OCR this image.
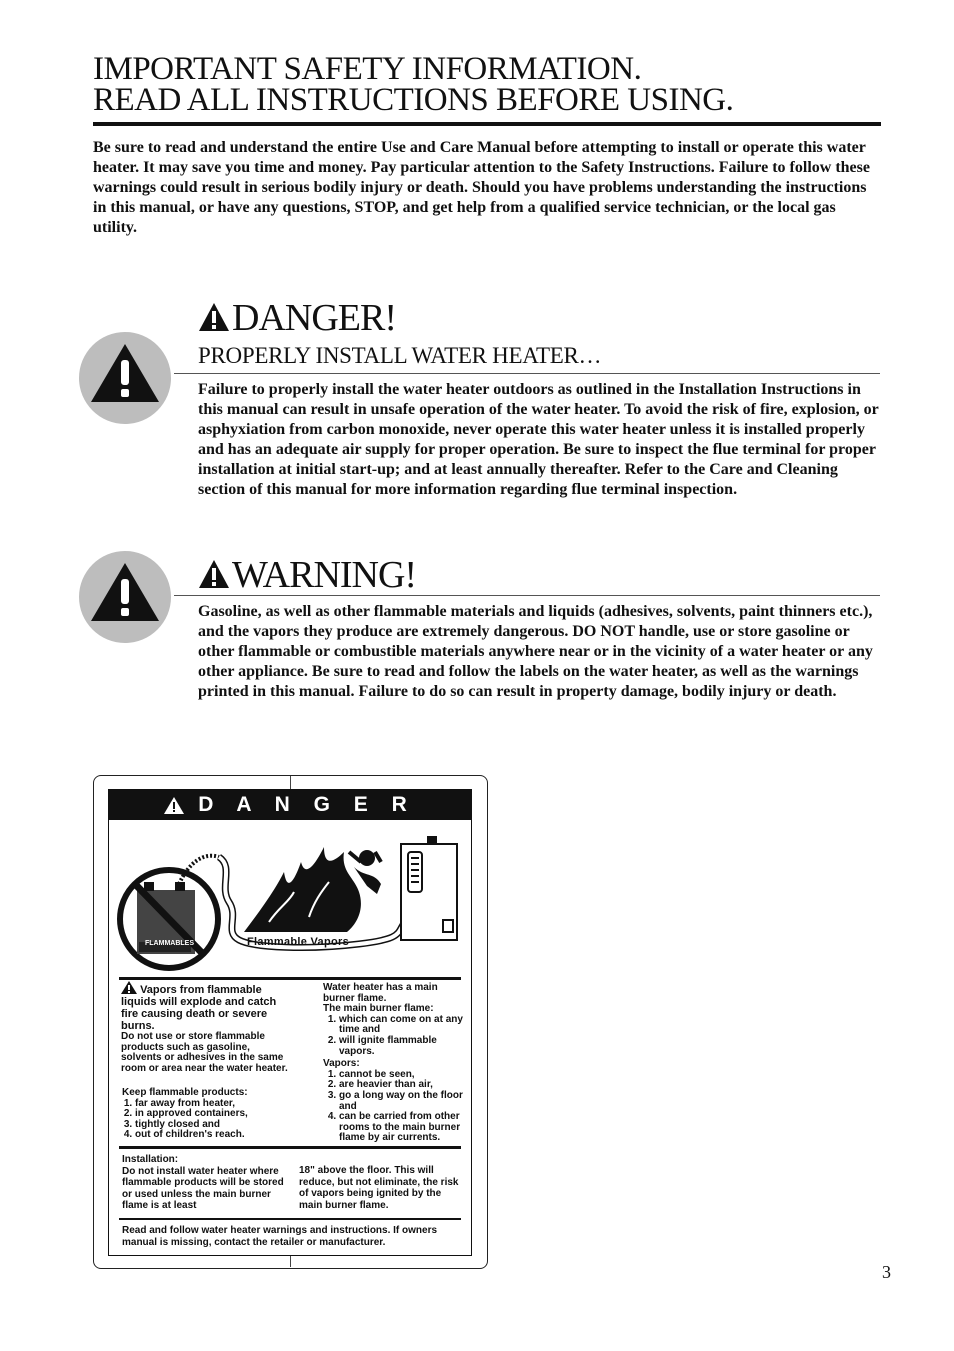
IMPORTANT SAFETY INFORMATION.
READ ALL INSTRUCTIONS BEFORE USING.
Be sure to read and understand the entire Use and Care Manual before attempting to install or operate this water heater. It may save you time and money. Pay particular attention to the Safety Instructions. Failure to follow these warnings could result in serious bodily injury or death. Should you have problems understanding the instructions in this manual, or have any questions, STOP, and get help from a qualified service technician, or the local gas utility.
DANGER!
PROPERLY INSTALL WATER HEATER…
Failure to properly install the water heater outdoors as outlined in the Installation Instructions in this manual can result in unsafe operation of the water heater. To avoid the risk of fire, explosion, or asphyxiation from carbon monoxide, never operate this water heater unless it is installed properly and has an adequate air supply for proper operation. Be sure to inspect the flue terminal for proper installation at initial start-up; and at least annually thereafter. Refer to the Care and Cleaning section of this manual for more information regarding flue terminal inspection.
WARNING!
Gasoline, as well as other flammable materials and liquids (adhesives, solvents, paint thinners etc.), and the vapors they produce are extremely dangerous. DO NOT handle, use or store gasoline or other flammable or combustible materials anywhere near or in the vicinity of a water heater or any other appliance. Be sure to read and follow the labels on the water heater, as well as the warnings printed in this manual. Failure to do so can result in property damage, bodily injury or death.
D A N G E R
FLAMMABLES	Flammable Vapors
Vapors from flammable liquids will explode and catch fire causing death or severe burns.
Do not use or store flammable products such as gasoline, solvents or adhesives in the same room or area near the water heater.
Keep flammable products:
1. far away from heater,
2. in approved containers,
3. tightly closed and
4. out of children's reach.
Water heater has a main burner flame.
The main burner flame:
1. which can come on at any time and
2. will ignite flammable vapors.
Vapors:
1. cannot be seen,
2. are heavier than air,
3. go a long way on the floor and
4. can be carried from other rooms to the main burner flame by air currents.
Installation:
Do not install water heater where flammable products will be stored or used unless the main burner flame is at least
18" above the floor. This will reduce, but not eliminate, the risk of vapors being ignited by the main burner flame.
Read and follow water heater warnings and instructions. If owners manual is missing, contact the retailer or manufacturer.
3
